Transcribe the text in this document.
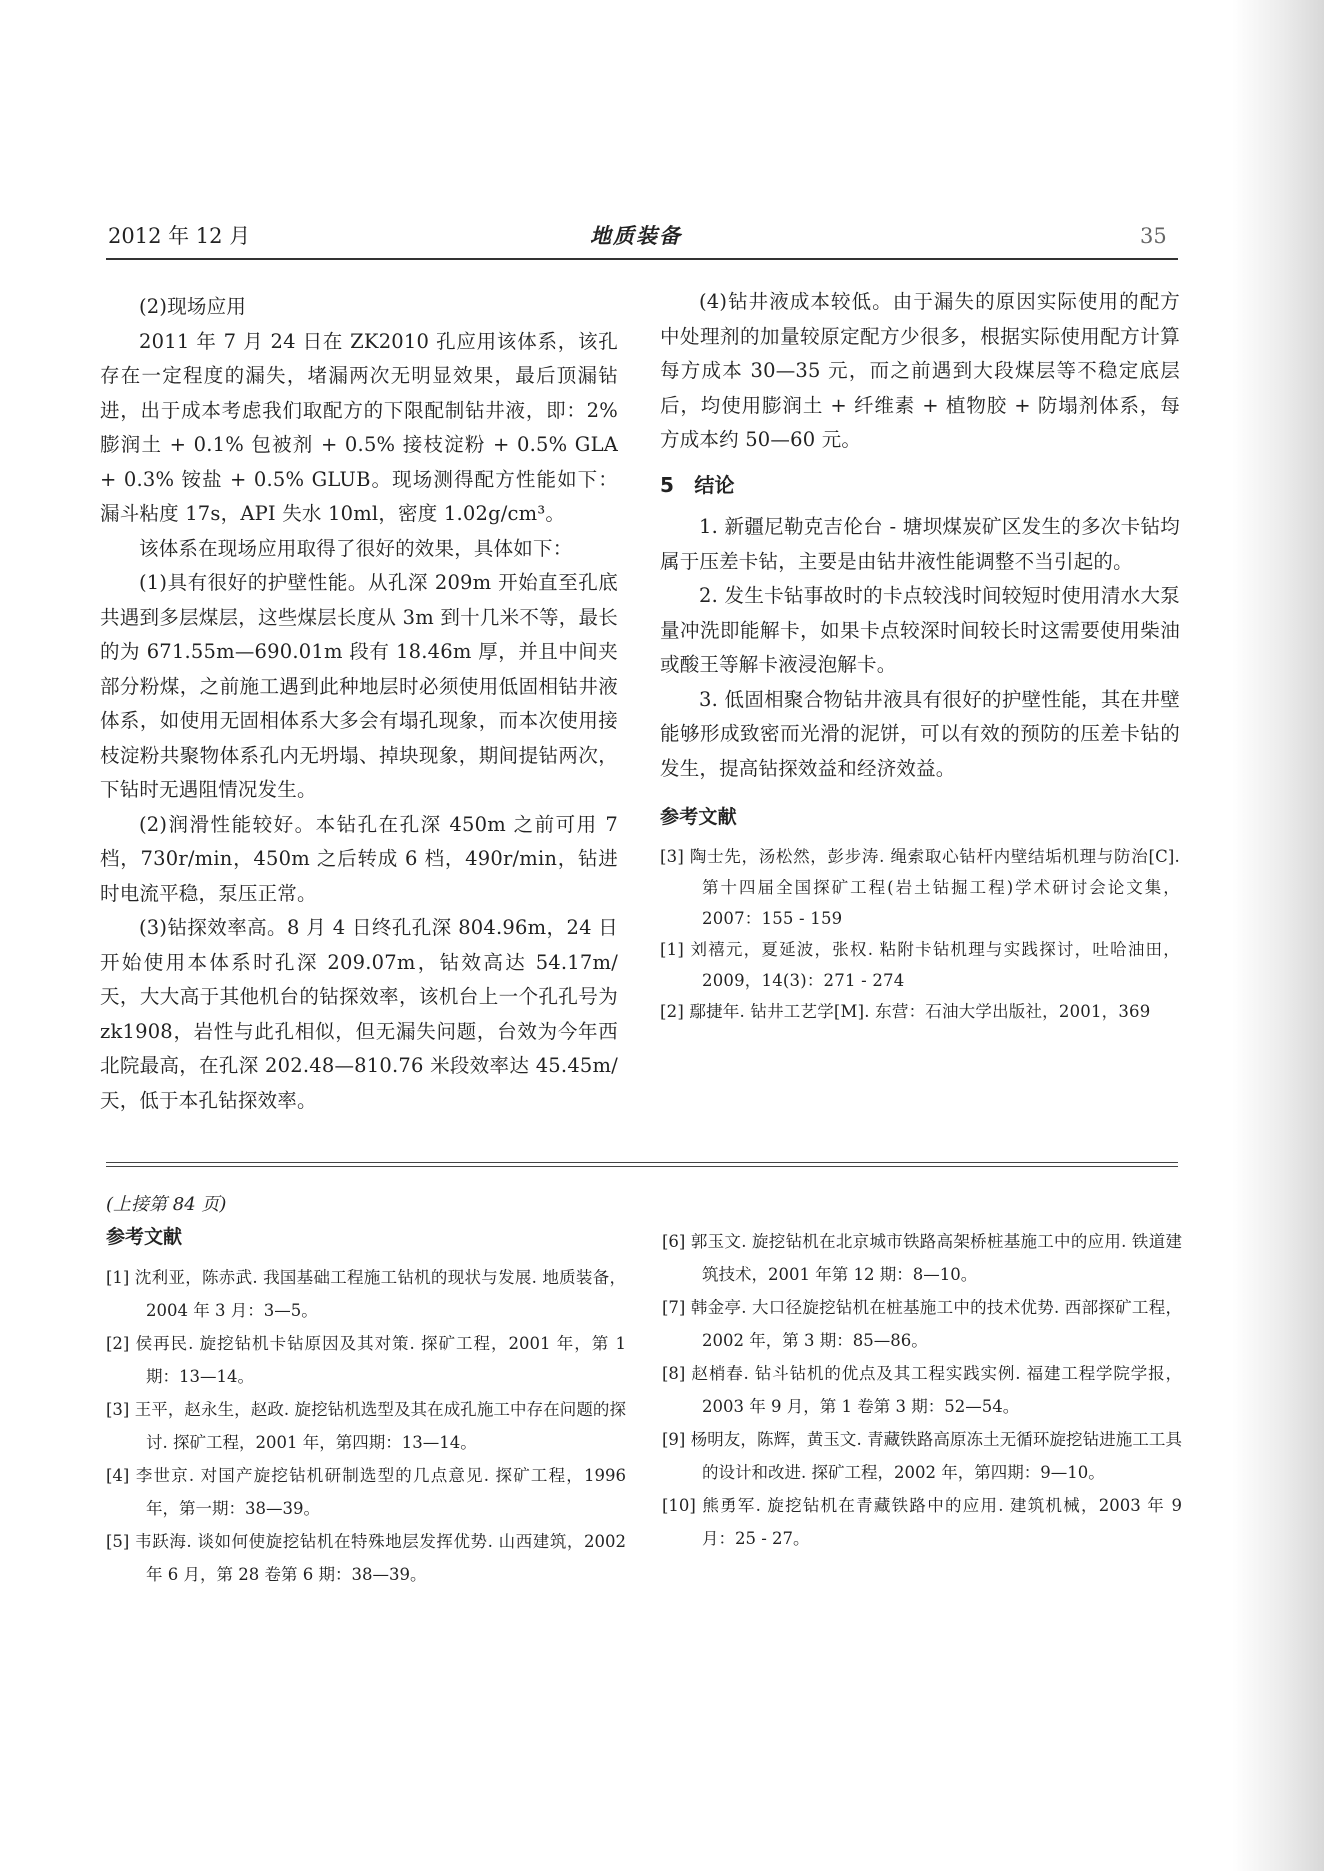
2012 年 12 月	地质装备	35

(2)现场应用

2011 年 7 月 24 日在 ZK2010 孔应用该体系，该孔存在一定程度的漏失，堵漏两次无明显效果，最后顶漏钻进，出于成本考虑我们取配方的下限配制钻井液，即：2% 膨润土 + 0.1% 包被剂 + 0.5% 接枝淀粉 + 0.5% GLA + 0.3% 铵盐 + 0.5% GLUB。现场测得配方性能如下：漏斗粘度 17s，API 失水 10ml，密度 1.02g/cm³。

该体系在现场应用取得了很好的效果，具体如下：

(1)具有很好的护壁性能。从孔深 209m 开始直至孔底共遇到多层煤层，这些煤层长度从 3m 到十几米不等，最长的为 671.55m—690.01m 段有 18.46m 厚，并且中间夹部分粉煤，之前施工遇到此种地层时必须使用低固相钻井液体系，如使用无固相体系大多会有塌孔现象，而本次使用接枝淀粉共聚物体系孔内无坍塌、掉块现象，期间提钻两次，下钻时无遇阻情况发生。

(2)润滑性能较好。本钻孔在孔深 450m 之前可用 7 档，730r/min，450m 之后转成 6 档，490r/min，钻进时电流平稳，泵压正常。

(3)钻探效率高。8 月 4 日终孔孔深 804.96m，24 日开始使用本体系时孔深 209.07m，钻效高达 54.17m/天，大大高于其他机台的钻探效率，该机台上一个孔孔号为 zk1908，岩性与此孔相似，但无漏失问题，台效为今年西北院最高，在孔深 202.48—810.76 米段效率达 45.45m/天，低于本孔钻探效率。

(4)钻井液成本较低。由于漏失的原因实际使用的配方中处理剂的加量较原定配方少很多，根据实际使用配方计算每方成本 30—35 元，而之前遇到大段煤层等不稳定底层后，均使用膨润土 + 纤维素 + 植物胶 + 防塌剂体系，每方成本约 50—60 元。

5　结论

1. 新疆尼勒克吉伦台 - 塘坝煤炭矿区发生的多次卡钻均属于压差卡钻，主要是由钻井液性能调整不当引起的。

2. 发生卡钻事故时的卡点较浅时间较短时使用清水大泵量冲洗即能解卡，如果卡点较深时间较长时这需要使用柴油或酸王等解卡液浸泡解卡。

3. 低固相聚合物钻井液具有很好的护壁性能，其在井壁能够形成致密而光滑的泥饼，可以有效的预防的压差卡钻的发生，提高钻探效益和经济效益。

参考文献

[3] 陶士先，汤松然，彭步涛. 绳索取心钻杆内壁结垢机理与防治[C]. 第十四届全国探矿工程(岩土钻掘工程)学术研讨会论文集，2007：155 - 159

[1] 刘禧元，夏延波，张权. 粘附卡钻机理与实践探讨，吐哈油田，2009，14(3)：271 - 274

[2] 鄢捷年. 钻井工艺学[M]. 东营：石油大学出版社，2001，369

(上接第 84 页)

参考文献

[1] 沈利亚，陈赤武. 我国基础工程施工钻机的现状与发展. 地质装备，2004 年 3 月：3—5。

[2] 侯再民. 旋挖钻机卡钻原因及其对策. 探矿工程，2001 年，第 1 期：13—14。

[3] 王平，赵永生，赵政. 旋挖钻机选型及其在成孔施工中存在问题的探讨. 探矿工程，2001 年，第四期：13—14。

[4] 李世京. 对国产旋挖钻机研制选型的几点意见. 探矿工程，1996 年，第一期：38—39。

[5] 韦跃海. 谈如何使旋挖钻机在特殊地层发挥优势. 山西建筑，2002 年 6 月，第 28 卷第 6 期：38—39。

[6] 郭玉文. 旋挖钻机在北京城市铁路高架桥桩基施工中的应用. 铁道建筑技术，2001 年第 12 期：8—10。

[7] 韩金亭. 大口径旋挖钻机在桩基施工中的技术优势. 西部探矿工程，2002 年，第 3 期：85—86。

[8] 赵梢春. 钻斗钻机的优点及其工程实践实例. 福建工程学院学报，2003 年 9 月，第 1 卷第 3 期：52—54。

[9] 杨明友，陈辉，黄玉文. 青藏铁路高原冻土无循环旋挖钻进施工工具的设计和改进. 探矿工程，2002 年，第四期：9—10。

[10] 熊勇军. 旋挖钻机在青藏铁路中的应用. 建筑机械，2003 年 9 月：25 - 27。
